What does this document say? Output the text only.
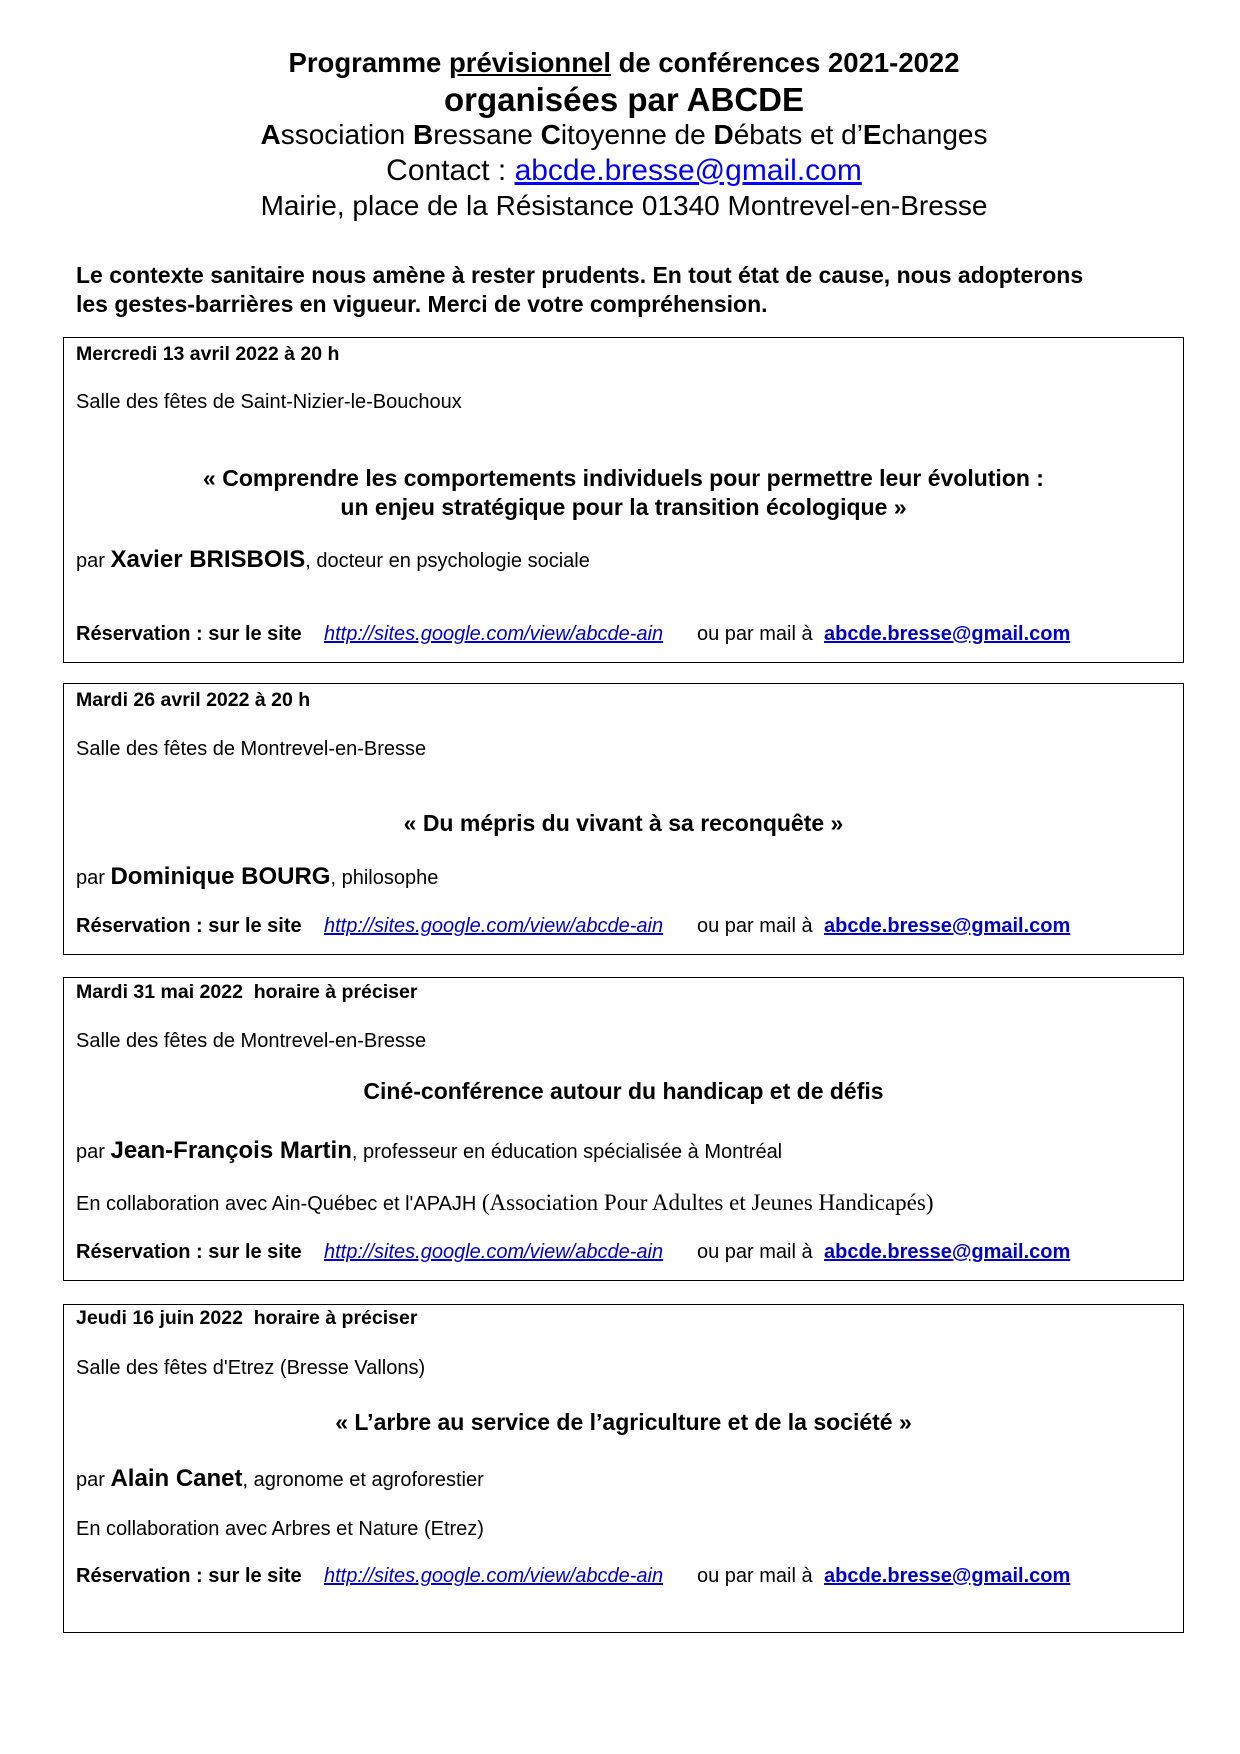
Programme prévisionnel de conférences 2021-2022
organisées par ABCDE
Association Bressane Citoyenne de Débats et d’Echanges
Contact : abcde.bresse@gmail.com
Mairie, place de la Résistance 01340 Montrevel-en-Bresse
Le contexte sanitaire nous amène à rester prudents. En tout état de cause, nous adopterons
les gestes-barrières en vigueur. Merci de votre compréhension.
Mercredi 13 avril 2022 à 20 h
Salle des fêtes de Saint-Nizier-le-Bouchoux
« Comprendre les comportements individuels pour permettre leur évolution :
un enjeu stratégique pour la transition écologique »
par Xavier BRISBOIS, docteur en psychologie sociale
Réservation : sur le site http://sites.google.com/view/abcde-ain ou par mail à abcde.bresse@gmail.com
Mardi 26 avril 2022 à 20 h
Salle des fêtes de Montrevel-en-Bresse
« Du mépris du vivant à sa reconquête »
par Dominique BOURG, philosophe
Réservation : sur le site http://sites.google.com/view/abcde-ain ou par mail à abcde.bresse@gmail.com
Mardi 31 mai 2022  horaire à préciser
Salle des fêtes de Montrevel-en-Bresse
Ciné-conférence autour du handicap et de défis
par Jean-François Martin, professeur en éducation spécialisée à Montréal
En collaboration avec Ain-Québec et l'APAJH (Association Pour Adultes et Jeunes Handicapés)
Réservation : sur le site http://sites.google.com/view/abcde-ain ou par mail à abcde.bresse@gmail.com
Jeudi 16 juin 2022  horaire à préciser
Salle des fêtes d'Etrez (Bresse Vallons)
« L’arbre au service de l’agriculture et de la société »
par Alain Canet, agronome et agroforestier
En collaboration avec Arbres et Nature (Etrez)
Réservation : sur le site http://sites.google.com/view/abcde-ain ou par mail à abcde.bresse@gmail.com
